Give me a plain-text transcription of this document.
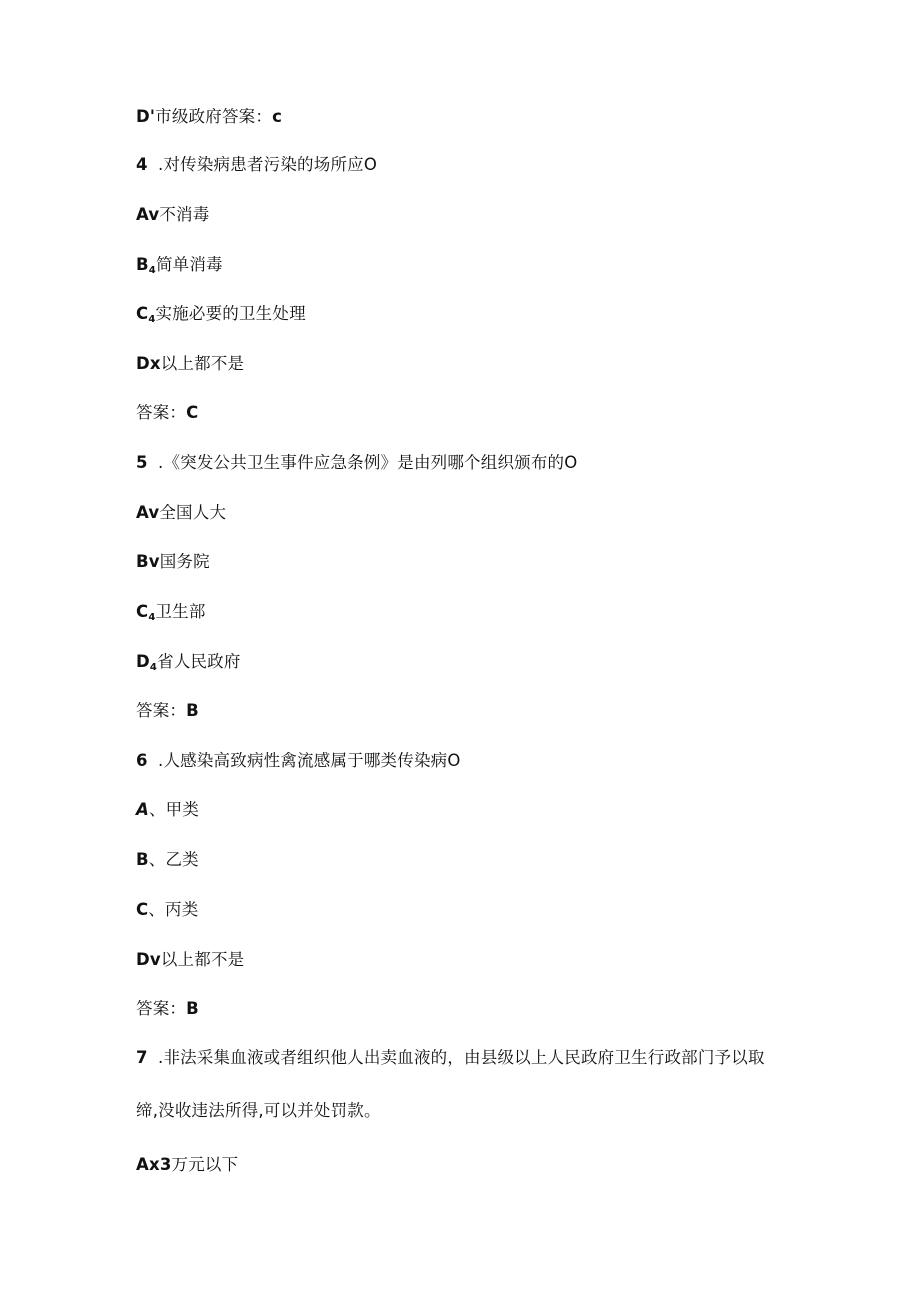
D'市级政府答案：c
4 .对传染病患者污染的场所应O
Av不消毒
B4简单消毒
C4实施必要的卫生处理
Dx以上都不是
答案：C
5 .《突发公共卫生事件应急条例》是由列哪个组织颁布的O
Av全国人大
Bv国务院
C4卫生部
D4省人民政府
答案：B
6 .人感染高致病性禽流感属于哪类传染病O
A、甲类
B、乙类
C、丙类
Dv以上都不是
答案：B
7 .非法采集血液或者组织他人出卖血液的，由县级以上人民政府卫生行政部门予以取
缔,没收违法所得,可以并处罚款。
Ax3万元以下
